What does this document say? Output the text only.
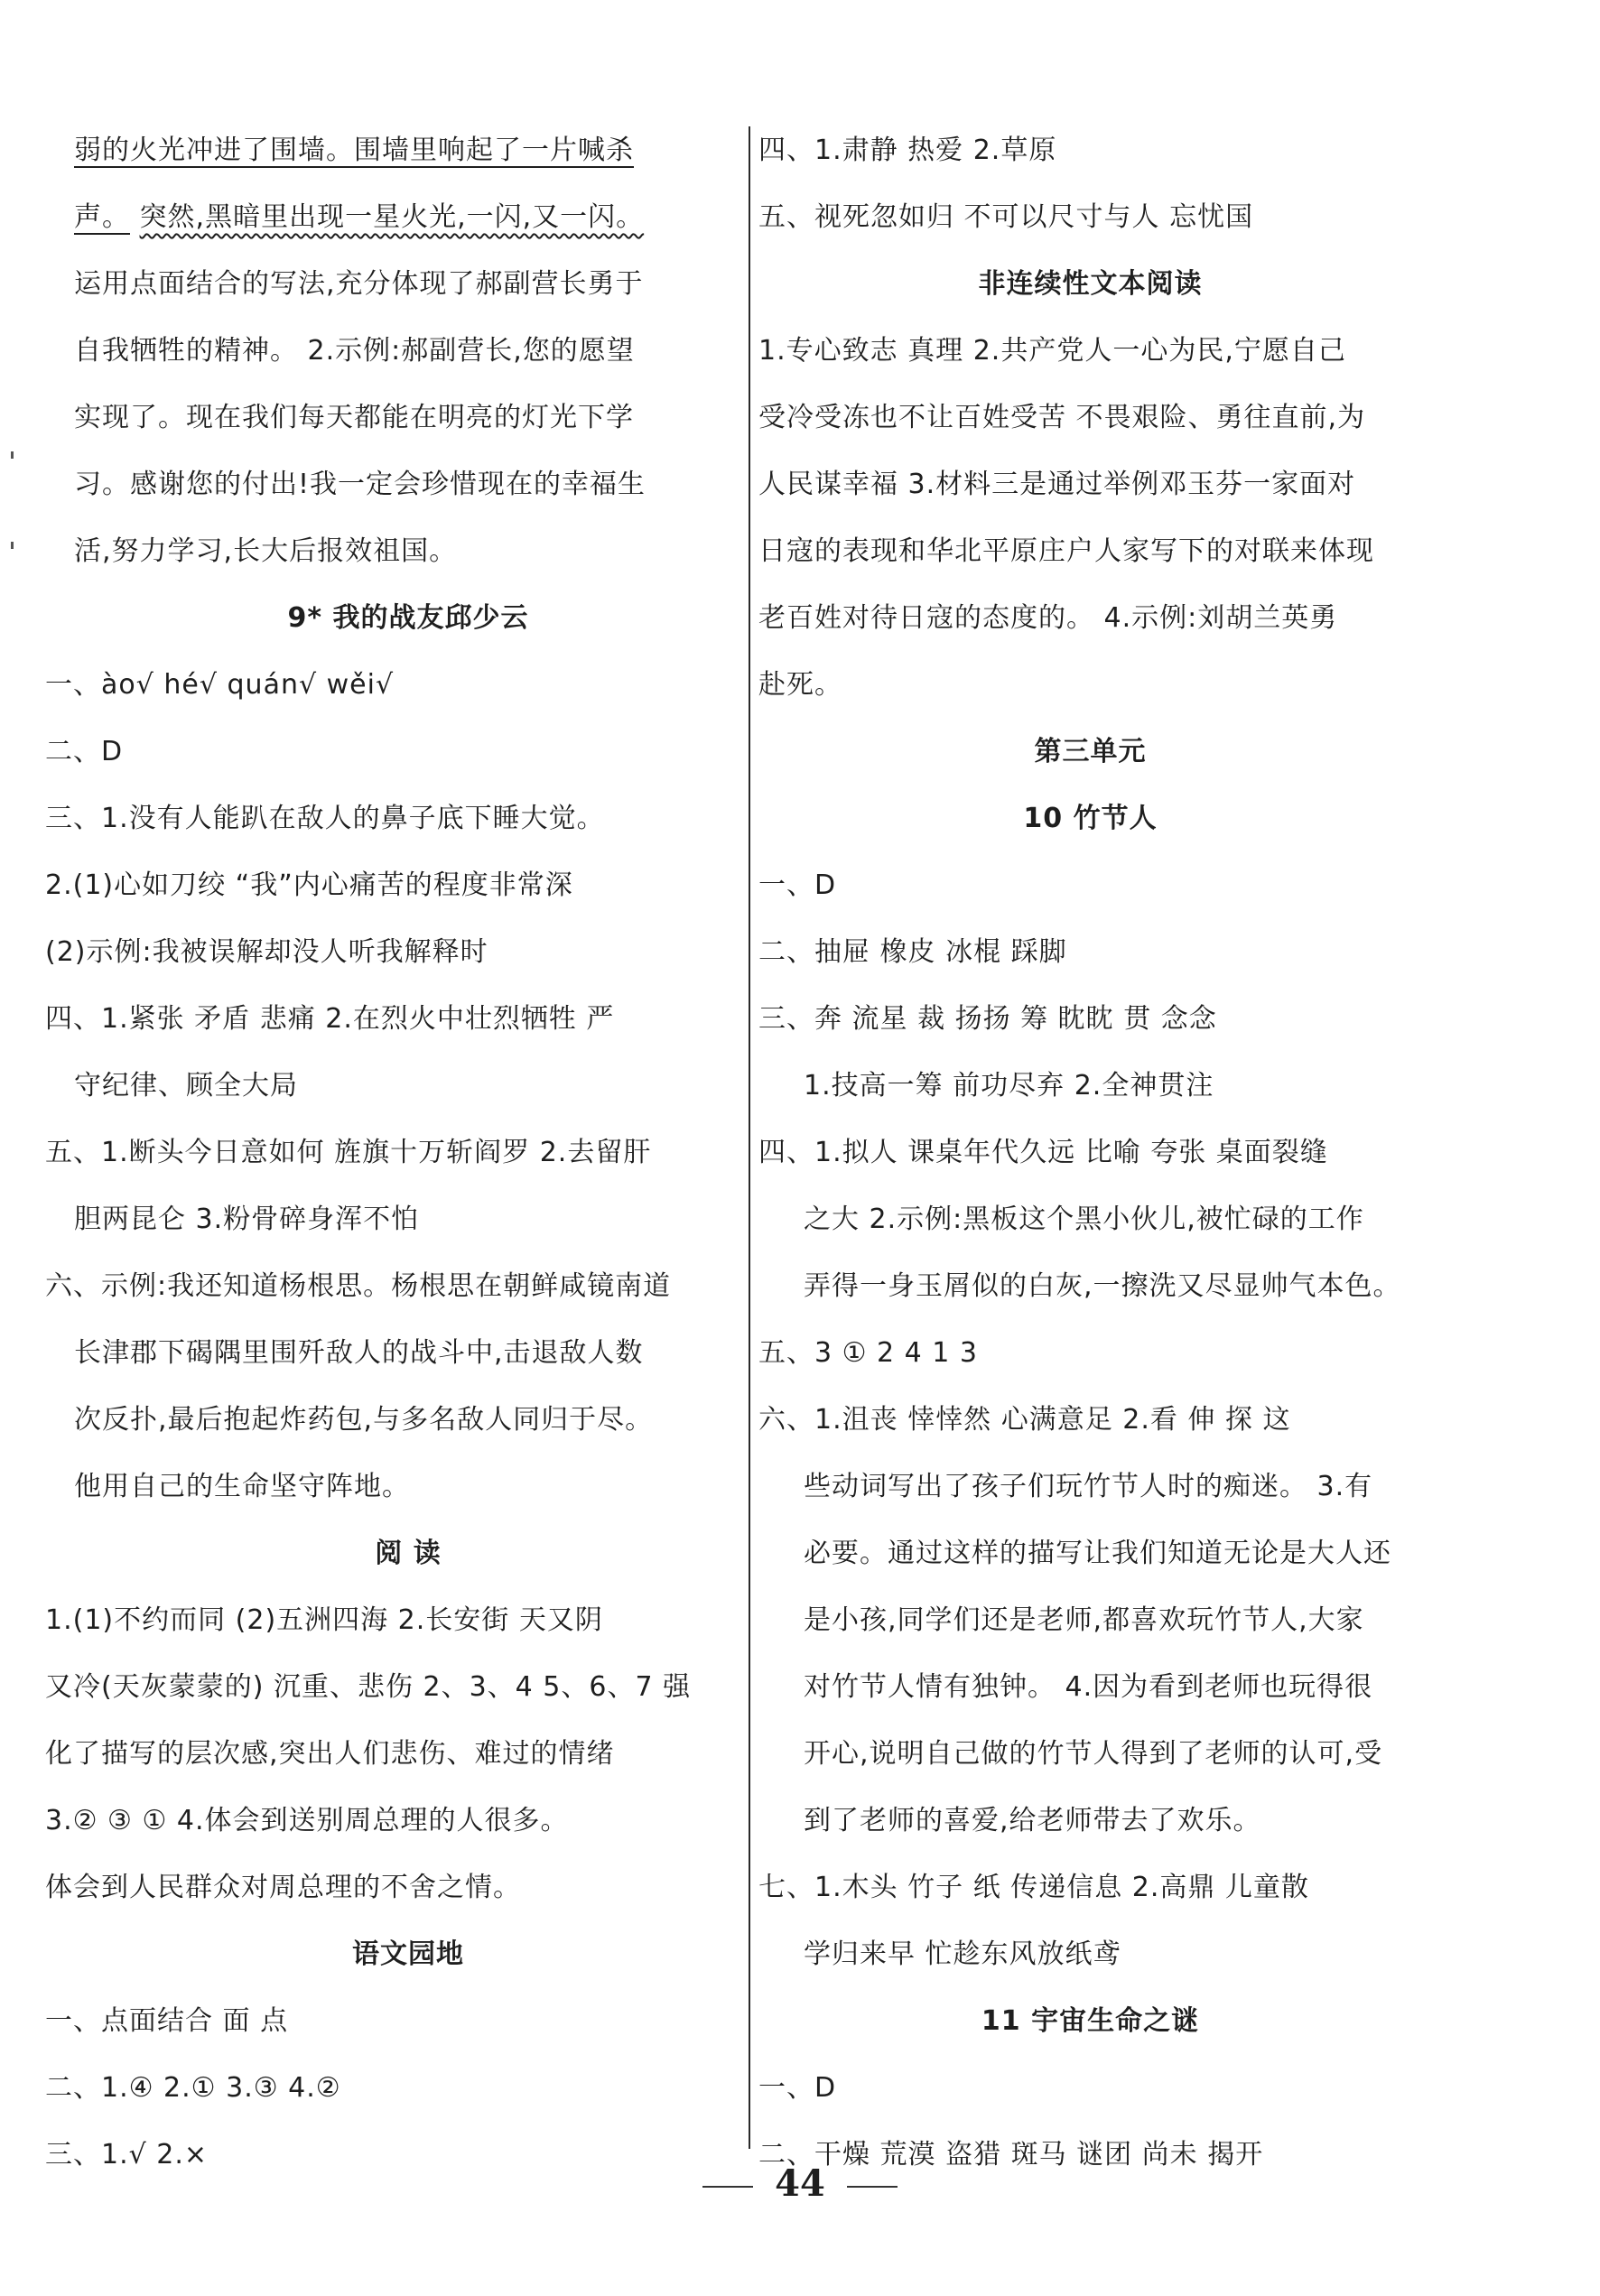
弱的火光冲进了围墙。围墙里响起了一片喊杀
声。 突然,黑暗里出现一星火光,一闪,又一闪。
运用点面结合的写法,充分体现了郝副营长勇于
自我牺牲的精神。 2.示例:郝副营长,您的愿望
实现了。现在我们每天都能在明亮的灯光下学
习。感谢您的付出!我一定会珍惜现在的幸福生
活,努力学习,长大后报效祖国。
9* 我的战友邱少云
一、ào√ hé√ quán√ wěi√
二、D
三、1.没有人能趴在敌人的鼻子底下睡大觉。
2.(1)心如刀绞 “我”内心痛苦的程度非常深
(2)示例:我被误解却没人听我解释时
四、1.紧张 矛盾 悲痛 2.在烈火中壮烈牺牲 严
守纪律、顾全大局
五、1.断头今日意如何 旌旗十万斩阎罗 2.去留肝
胆两昆仑 3.粉骨碎身浑不怕
六、示例:我还知道杨根思。杨根思在朝鲜咸镜南道
长津郡下碣隅里围歼敌人的战斗中,击退敌人数
次反扑,最后抱起炸药包,与多名敌人同归于尽。
他用自己的生命坚守阵地。
阅 读
1.(1)不约而同 (2)五洲四海 2.长安街 天又阴
又冷(天灰蒙蒙的) 沉重、悲伤 2、3、4 5、6、7 强
化了描写的层次感,突出人们悲伤、难过的情绪
3.② ③ ① 4.体会到送别周总理的人很多。
体会到人民群众对周总理的不舍之情。
语文园地
一、点面结合 面 点
二、1.④ 2.① 3.③ 4.②
三、1.√ 2.×
四、1.肃静 热爱 2.草原
五、视死忽如归 不可以尺寸与人 忘忧国
非连续性文本阅读
1.专心致志 真理 2.共产党人一心为民,宁愿自己
受冷受冻也不让百姓受苦 不畏艰险、勇往直前,为
人民谋幸福 3.材料三是通过举例邓玉芬一家面对
日寇的表现和华北平原庄户人家写下的对联来体现
老百姓对待日寇的态度的。 4.示例:刘胡兰英勇
赴死。
第三单元
10 竹节人
一、D
二、抽屉 橡皮 冰棍 踩脚
三、奔 流星 裁 扬扬 筹 眈眈 贯 念念
1.技高一筹 前功尽弃 2.全神贯注
四、1.拟人 课桌年代久远 比喻 夸张 桌面裂缝
之大 2.示例:黑板这个黑小伙儿,被忙碌的工作
弄得一身玉屑似的白灰,一擦洗又尽显帅气本色。
五、3 ① 2 4 1 3
六、1.沮丧 悻悻然 心满意足 2.看 伸 探 这
些动词写出了孩子们玩竹节人时的痴迷。 3.有
必要。通过这样的描写让我们知道无论是大人还
是小孩,同学们还是老师,都喜欢玩竹节人,大家
对竹节人情有独钟。 4.因为看到老师也玩得很
开心,说明自己做的竹节人得到了老师的认可,受
到了老师的喜爱,给老师带去了欢乐。
七、1.木头 竹子 纸 传递信息 2.高鼎 儿童散
学归来早 忙趁东风放纸鸢
11 宇宙生命之谜
一、D
二、干燥 荒漠 盗猎 斑马 谜团 尚未 揭开
44
